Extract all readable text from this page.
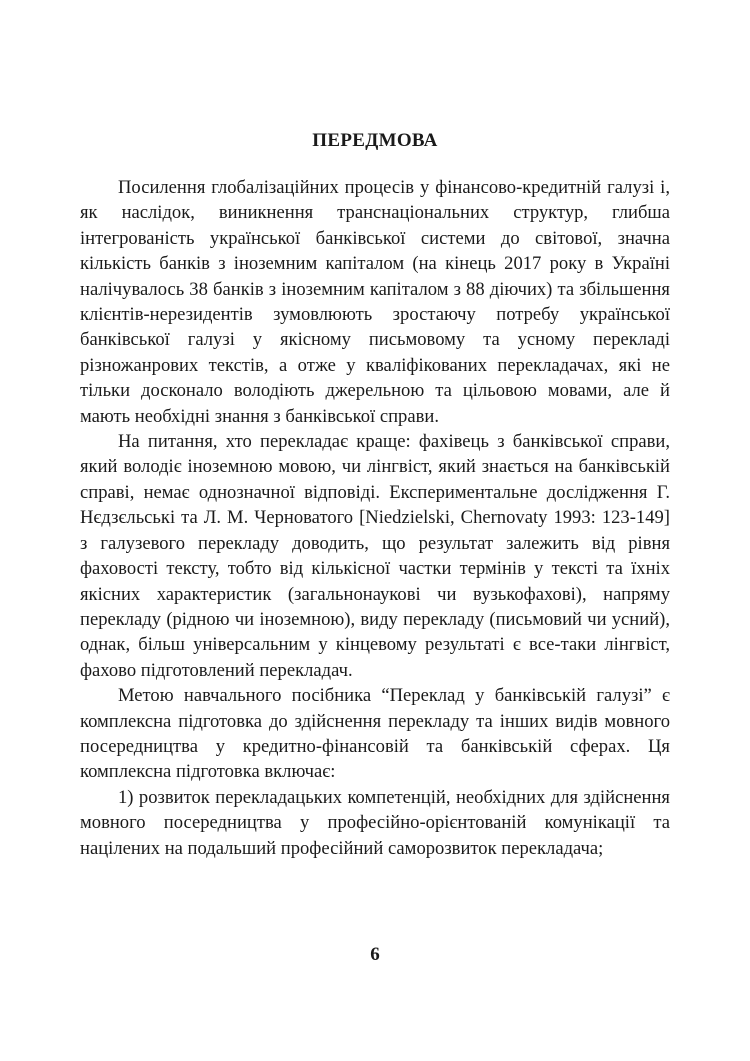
ПЕРЕДМОВА

Посилення глобалізаційних процесів у фінансово-кредитній галузі і, як наслідок, виникнення транснаціональних структур, глибша інтегрованість української банківської системи до світової, значна кількість банків з іноземним капіталом (на кінець 2017 року в Україні налічувалось 38 банків з іноземним капіталом з 88 діючих) та збільшення клієнтів-нерезидентів зумовлюють зростаючу потребу української банківської галузі у якісному письмовому та усному перекладі різножанрових текстів, а отже у кваліфікованих перекладачах, які не тільки досконало володіють джерельною та цільовою мовами, але й мають необхідні знання з банківської справи.

На питання, хто перекладає краще: фахівець з банківської справи, який володіє іноземною мовою, чи лінгвіст, який знається на банківській справі, немає однозначної відповіді. Експериментальне дослідження Г. Нєдзєльські та Л. М. Черноватого [Niedzielski, Chernovaty 1993: 123-149] з галузевого перекладу доводить, що результат залежить від рівня фаховості тексту, тобто від кількісної частки термінів у тексті та їхніх якісних характеристик (загальнонаукові чи вузькофахові), напряму перекладу (рідною чи іноземною), виду перекладу (письмовий чи усний), однак, більш універсальним у кінцевому результаті є все-таки лінгвіст, фахово підготовлений перекладач.

Метою навчального посібника “Переклад у банківській галузі” є комплексна підготовка до здійснення перекладу та інших видів мовного посередництва у кредитно-фінансовій та банківській сферах. Ця комплексна підготовка включає:

1) розвиток перекладацьких компетенцій, необхідних для здійснення мовного посередництва у професійно-орієнтованій комунікації та націлених на подальший професійний саморозвиток перекладача;

6
